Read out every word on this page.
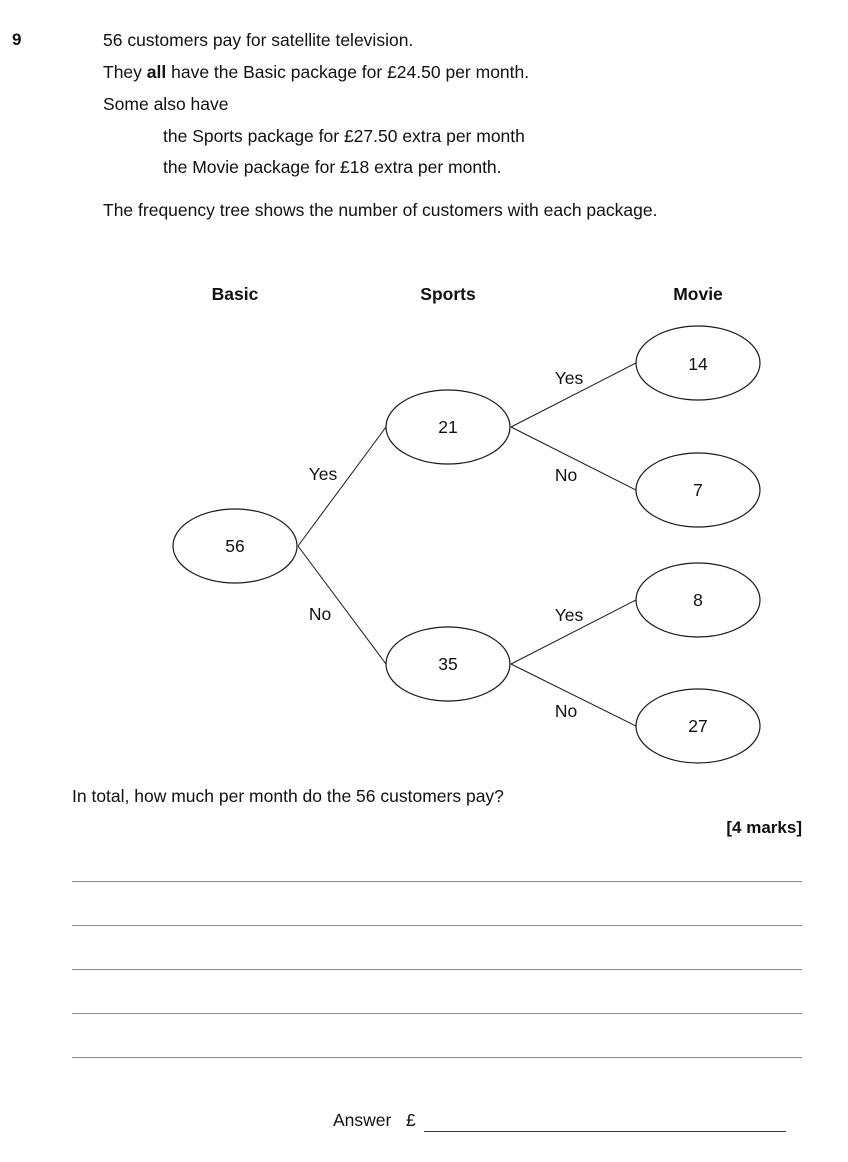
9	56 customers pay for satellite television.
They all have the Basic package for £24.50 per month.
Some also have
the Sports package for £27.50 extra per month
the Movie package for £18 extra per month.
The frequency tree shows the number of customers with each package.
Basic	Sports	Movie
56
21
35
14
7
8
27
Yes
No
Yes
No
Yes
No
In total, how much per month do the 56 customers pay?
[4 marks]
Answer   £
